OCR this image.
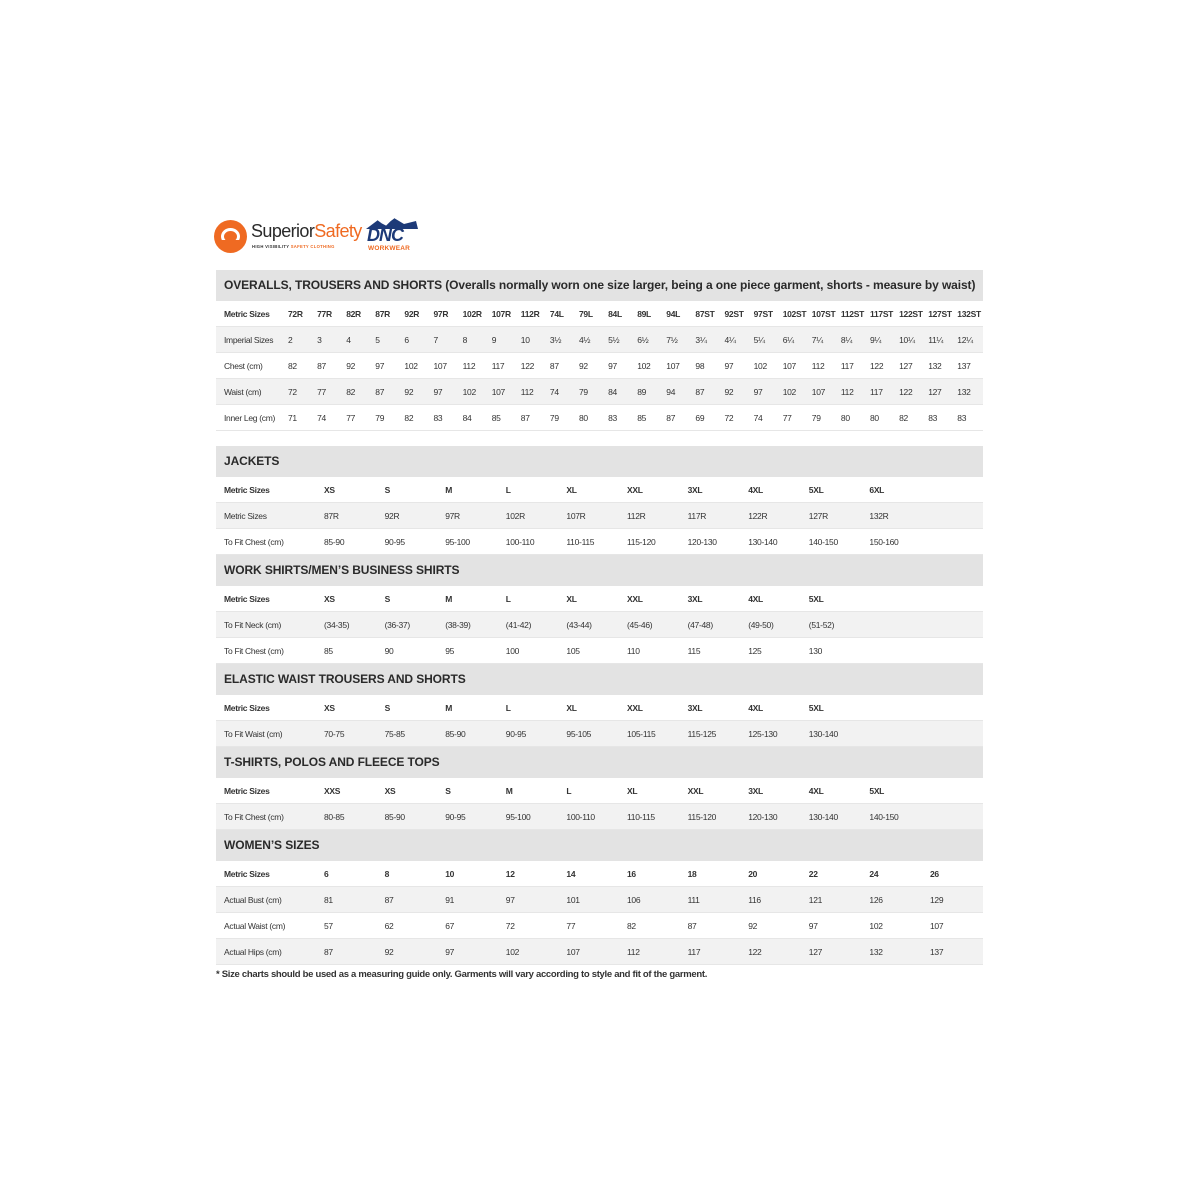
SuperiorSafety
HIGH VISIBILITY SAFETY CLOTHING
DNC
WORKWEAR
OVERALLS, TROUSERS AND SHORTS (Overalls normally worn one size larger, being a one piece garment, shorts - measure by waist)
Metric Sizes 72R 77R 82R 87R 92R 97R 102R 107R 112R 74L 79L 84L 89L 94L 87ST 92ST 97ST 102ST 107ST 112ST 117ST 122ST 127ST 132ST
Imperial Sizes 2	3	4	5	6	7	8	9	10 3½ 4½ 5½ 6½ 7½ 3¼ 4¼ 5¼ 6¼ 7¼ 8¼ 9¼ 10¼ 11¼ 12¼
Chest (cm)	82 87 92 97 102 107 112 117 122 87 92 97 102 107 98 97 102 107 112 117 122 127 132 137
Waist (cm)	72 77 82 87 92 97 102 107 112 74 79 84 89 94 87 92 97 102 107 112 117 122 127 132
Inner Leg (cm) 71 74 77 79 82 83 84 85 87 79 80 83 85 87 69 72 74 77 79 80 80 82 83 83
JACKETS
Metric Sizes	XS	S	M	L	XL	XXL	3XL	4XL	5XL	6XL
Metric Sizes	87R	92R	97R	102R	107R	112R	117R	122R	127R	132R
To Fit Chest (cm)	85-90	90-95	95-100	100-110	110-115	115-120	120-130	130-140	140-150	150-160
WORK SHIRTS/MEN’S BUSINESS SHIRTS
Metric Sizes	XS	S	M	L	XL	XXL	3XL	4XL	5XL
To Fit Neck (cm)	(34-35)	(36-37)	(38-39)	(41-42)	(43-44)	(45-46)	(47-48)	(49-50)	(51-52)
To Fit Chest (cm)	85	90	95	100	105	110	115	125	130
ELASTIC WAIST TROUSERS AND SHORTS
Metric Sizes	XS	S	M	L	XL	XXL	3XL	4XL	5XL
To Fit Waist (cm)	70-75	75-85	85-90	90-95	95-105	105-115	115-125	125-130	130-140
T-SHIRTS, POLOS AND FLEECE TOPS
Metric Sizes	XXS	XS	S	M	L	XL	XXL	3XL	4XL	5XL
To Fit Chest (cm)	80-85	85-90	90-95	95-100	100-110	110-115	115-120	120-130	130-140	140-150
WOMEN’S SIZES
Metric Sizes	6	8	10	12	14	16	18	20	22	24	26
Actual Bust (cm)	81	87	91	97	101	106	111	116	121	126	129
Actual Waist (cm)	57	62	67	72	77	82	87	92	97	102	107
Actual Hips (cm)	87	92	97	102	107	112	117	122	127	132	137
* Size charts should be used as a measuring guide only. Garments will vary according to style and fit of the garment.
